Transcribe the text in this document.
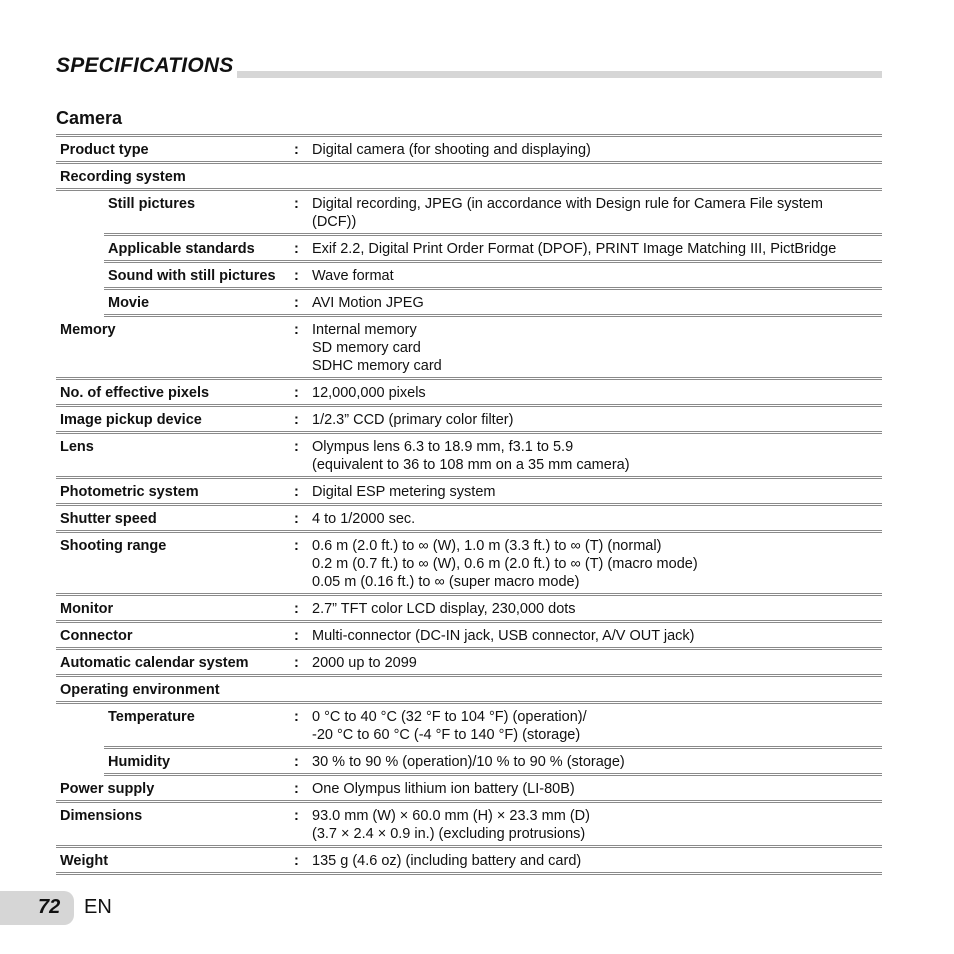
SPECIFICATIONS
Camera
Product type	: Digital camera (for shooting and displaying)
Recording system

Still pictures	: Digital recording, JPEG (in accordance with Design rule for Camera File system
(DCF))
Applicable standards	: Exif 2.2, Digital Print Order Format (DPOF), PRINT Image Matching III, PictBridge
Sound with still pictures	: Wave format
Movie	: AVI Motion JPEG
Memory	: Internal memory
SD memory card
SDHC memory card
No. of effective pixels	: 12,000,000 pixels
Image pickup device	: 1/2.3” CCD (primary color filter)
Lens	: Olympus lens 6.3 to 18.9 mm, f3.1 to 5.9
(equivalent to 36 to 108 mm on a 35 mm camera)
Photometric system	: Digital ESP metering system
Shutter speed	: 4 to 1/2000 sec.
Shooting range	: 0.6 m (2.0 ft.) to ∞ (W), 1.0 m (3.3 ft.) to ∞ (T) (normal)
0.2 m (0.7 ft.) to ∞ (W), 0.6 m (2.0 ft.) to ∞ (T) (macro mode)
0.05 m (0.16 ft.) to ∞ (super macro mode)
Monitor	: 2.7” TFT color LCD display, 230,000 dots
Connector	: Multi-connector (DC-IN jack, USB connector, A/V OUT jack)
Automatic calendar system	: 2000 up to 2099
Operating environment

Temperature	: 0 °C to 40 °C (32 °F to 104 °F) (operation)/
-20 °C to 60 °C (-4 °F to 140 °F) (storage)
Humidity	: 30 % to 90 % (operation)/10 % to 90 % (storage)
Power supply	: One Olympus lithium ion battery (LI-80B)
Dimensions	: 93.0 mm (W) × 60.0 mm (H) × 23.3 mm (D)
(3.7 × 2.4 × 0.9 in.) (excluding protrusions)
Weight	: 135 g (4.6 oz) (including battery and card)
72 EN
